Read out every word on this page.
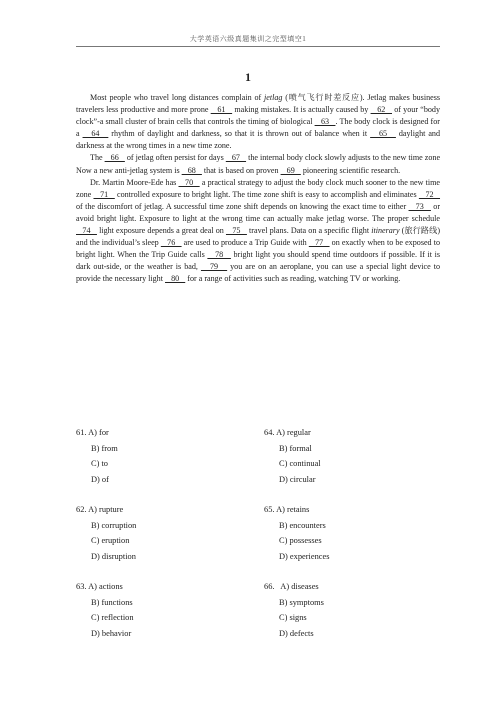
大学英语六级真题集训之完型填空1
1

Most people who travel long distances complain of jetlag (喷气飞行时差反应). Jetlag makes business travelers less productive and more prone    61    making mistakes. It is actually caused by    62    of your “body clock”-a small cluster of brain cells that controls the timing of biological    63   . The body clock is designed for a    64    rhythm of daylight and darkness, so that it is thrown out of balance when it    65    daylight and darkness at the wrong times in a new time zone.

The    66    of jetlag often persist for days    67    the internal body clock slowly adjusts to the new time zone Now a new anti-jetlag system is    68    that is based on proven    69    pioneering scientific research.

Dr. Martin Moore-Ede has    70    a practical strategy to adjust the body clock much sooner to the new time zone    71    controlled exposure to bright light. The time zone shift is easy to accomplish and eliminates    72    of the discomfort of jetlag. A successful time zone shift depends on knowing the exact time to either    73    or avoid bright light. Exposure to light at the wrong time can actually make jetlag worse. The proper schedule    74    light exposure depends a great deal on    75    travel plans. Data on a specific flight itinerary (旅行路线) and the individual’s sleep    76    are used to produce a Trip Guide with    77    on exactly when to be exposed to bright light. When the Trip Guide calls    78    bright light you should spend time outdoors if possible. If it is dark out-side, or the weather is bad,    79    you are on an aeroplane, you can use a special light device to provide the necessary light    80    for a range of activities such as reading, watching TV or working.

61. A) for
B) from
C) to
D) of
64. A) regular
B) formal
C) continual
D) circular
62. A) rupture
B) corruption
C) eruption
D) disruption
65. A) retains
B) encounters
C) possesses
D) experiences
63. A) actions
B) functions
C) reflection
D) behavior
66. A) diseases
B) symptoms
C) signs
D) defects
